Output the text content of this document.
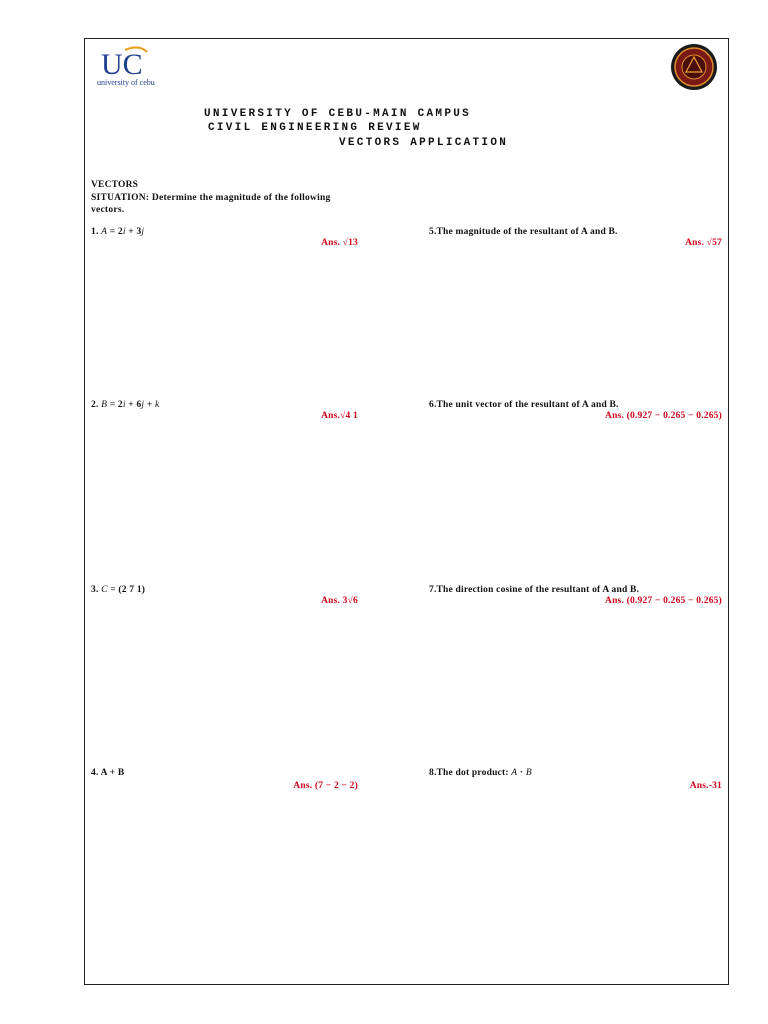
UC
university of cebu
UNIVERSITY OF CEBU-MAIN CAMPUS
CIVIL ENGINEERING REVIEW
VECTORS APPLICATION
VECTORS
SITUATION: Determine the magnitude of the following vectors.
1. A = 2i + 3j
Ans. √13
2. B = 2i + 6j + k
Ans.√4 1
3. C = (2 7 1)
Ans. 3√6
4. A + B
Ans. (7 − 2 − 2)
5.The magnitude of the resultant of A and B.
Ans. √57
6.The unit vector of the resultant of A and B.
Ans. (0.927 − 0.265 − 0.265)
7.The direction cosine of the resultant of A and B.
Ans. (0.927 − 0.265 − 0.265)
8.The dot product: A · B
Ans.-31
